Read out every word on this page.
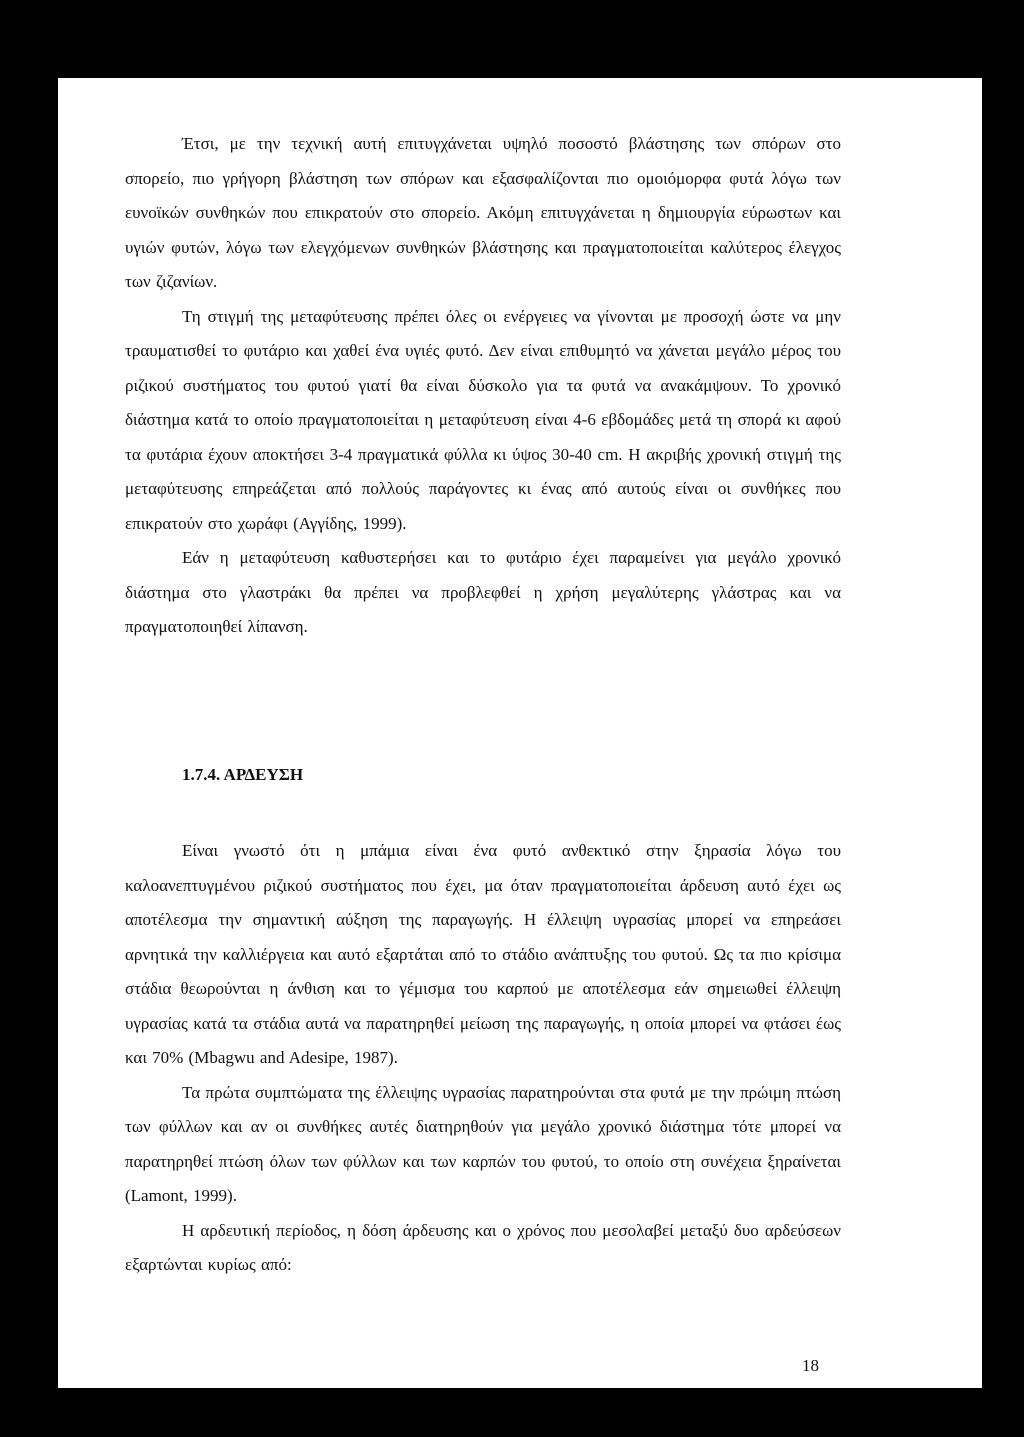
Έτσι, με την τεχνική αυτή επιτυγχάνεται υψηλό ποσοστό βλάστησης των σπόρων στο σπορείο, πιο γρήγορη βλάστηση των σπόρων και εξασφαλίζονται πιο ομοιόμορφα φυτά λόγω των ευνοϊκών συνθηκών που επικρατούν στο σπορείο. Ακόμη επιτυγχάνεται η δημιουργία εύρωστων και υγιών φυτών, λόγω των ελεγχόμενων συνθηκών βλάστησης και πραγματοποιείται καλύτερος έλεγχος των ζιζανίων.

Τη στιγμή της μεταφύτευσης πρέπει όλες οι ενέργειες να γίνονται με προσοχή ώστε να μην τραυματισθεί το φυτάριο και χαθεί ένα υγιές φυτό. Δεν είναι επιθυμητό να χάνεται μεγάλο μέρος του ριζικού συστήματος του φυτού γιατί θα είναι δύσκολο για τα φυτά να ανακάμψουν. Το χρονικό διάστημα κατά το οποίο πραγματοποιείται η μεταφύτευση είναι 4-6 εβδομάδες μετά τη σπορά κι αφού τα φυτάρια έχουν αποκτήσει 3-4 πραγματικά φύλλα κι ύψος 30-40 cm. Η ακριβής χρονική στιγμή της μεταφύτευσης επηρεάζεται από πολλούς παράγοντες κι ένας από αυτούς είναι οι συνθήκες που επικρατούν στο χωράφι (Αγγίδης, 1999).

Εάν η μεταφύτευση καθυστερήσει και το φυτάριο έχει παραμείνει για μεγάλο χρονικό διάστημα στο γλαστράκι θα πρέπει να προβλεφθεί η χρήση μεγαλύτερης γλάστρας και να πραγματοποιηθεί λίπανση.

1.7.4. ΑΡΔΕΥΣΗ

Είναι γνωστό ότι η μπάμια είναι ένα φυτό ανθεκτικό στην ξηρασία λόγω του καλοανεπτυγμένου ριζικού συστήματος που έχει, μα όταν πραγματοποιείται άρδευση αυτό έχει ως αποτέλεσμα την σημαντική αύξηση της παραγωγής. Η έλλειψη υγρασίας μπορεί να επηρεάσει αρνητικά την καλλιέργεια και αυτό εξαρτάται από το στάδιο ανάπτυξης του φυτού. Ως τα πιο κρίσιμα στάδια θεωρούνται η άνθιση και το γέμισμα του καρπού με αποτέλεσμα εάν σημειωθεί έλλειψη υγρασίας κατά τα στάδια αυτά να παρατηρηθεί μείωση της παραγωγής, η οποία μπορεί να φτάσει έως και 70% (Mbagwu and Adesipe, 1987).

Τα πρώτα συμπτώματα της έλλειψης υγρασίας παρατηρούνται στα φυτά με την πρώιμη πτώση των φύλλων και αν οι συνθήκες αυτές διατηρηθούν για μεγάλο χρονικό διάστημα τότε μπορεί να παρατηρηθεί πτώση όλων των φύλλων και των καρπών του φυτού, το οποίο στη συνέχεια ξηραίνεται (Lamont, 1999).

Η αρδευτική περίοδος, η δόση άρδευσης και ο χρόνος που μεσολαβεί μεταξύ δυο αρδεύσεων εξαρτώνται κυρίως από:

18
